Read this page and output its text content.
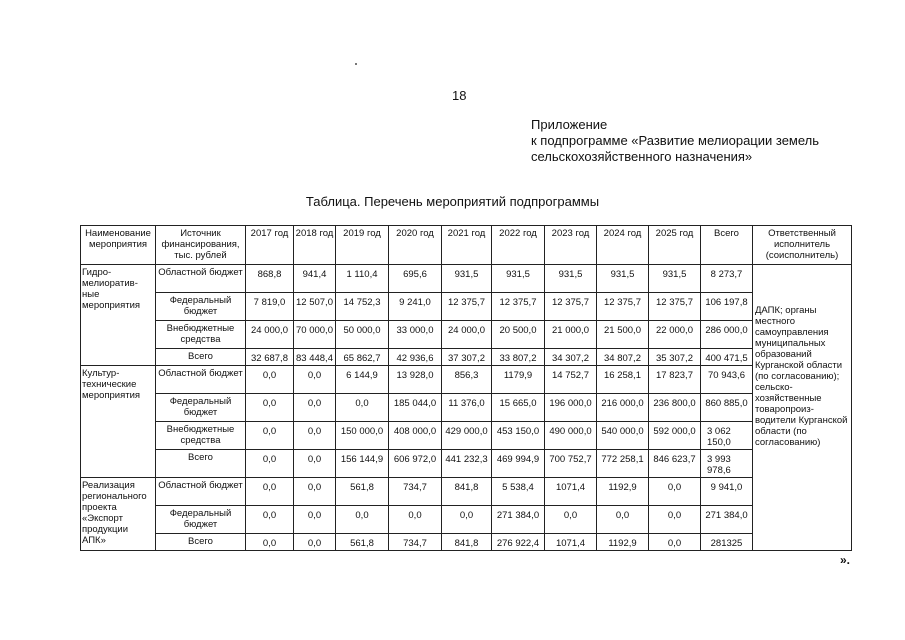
18
Приложение
к подпрограмме «Развитие мелиорации земель
сельскохозяйственного назначения»
Таблица. Перечень мероприятий подпрограммы
Наименование мероприятия	Источник финансирования, тыс. рублей	2017 год	2018 год	2019 год	2020 год	2021 год	2022 год	2023 год	2024 год	2025 год	Всего	Ответственный исполнитель (соисполнитель)
Гидро-мелиоратив-ные мероприятия	Областной бюджет	868,8	941,4	1 110,4	695,6	931,5	931,5	931,5	931,5	931,5	8 273,7	ДАПК; органы местного самоуправления муниципальных образований Курганской области (по согласованию); сельско-хозяйственные товаропроиз-водители Курганской области (по согласованию)
	Федеральный бюджет	7 819,0	12 507,0	14 752,3	9 241,0	12 375,7	12 375,7	12 375,7	12 375,7	12 375,7	106 197,8	
	Внебюджетные средства	24 000,0	70 000,0	50 000,0	33 000,0	24 000,0	20 500,0	21 000,0	21 500,0	22 000,0	286 000,0	
	Всего	32 687,8	83 448,4	65 862,7	42 936,6	37 307,2	33 807,2	34 307,2	34 807,2	35 307,2	400 471,5	
Культур-технические мероприятия	Областной бюджет	0,0	0,0	6 144,9	13 928,0	856,3	1179,9	14 752,7	16 258,1	17 823,7	70 943,6	
	Федеральный бюджет	0,0	0,0	0,0	185 044,0	11 376,0	15 665,0	196 000,0	216 000,0	236 800,0	860 885,0	
	Внебюджетные средства	0,0	0,0	150 000,0	408 000,0	429 000,0	453 150,0	490 000,0	540 000,0	592 000,0	3 062 150,0	
	Всего	0,0	0,0	156 144,9	606 972,0	441 232,3	469 994,9	700 752,7	772 258,1	846 623,7	3 993 978,6	
Реализация регионального проекта «Экспорт продукции АПК»	Областной бюджет	0,0	0,0	561,8	734,7	841,8	5 538,4	1071,4	1192,9	0,0	9 941,0	
	Федеральный бюджет	0,0	0,0	0,0	0,0	0,0	271 384,0	0,0	0,0	0,0	271 384,0	
	Всего	0,0	0,0	561,8	734,7	841,8	276 922,4	1071,4	1192,9	0,0	281325	
».
